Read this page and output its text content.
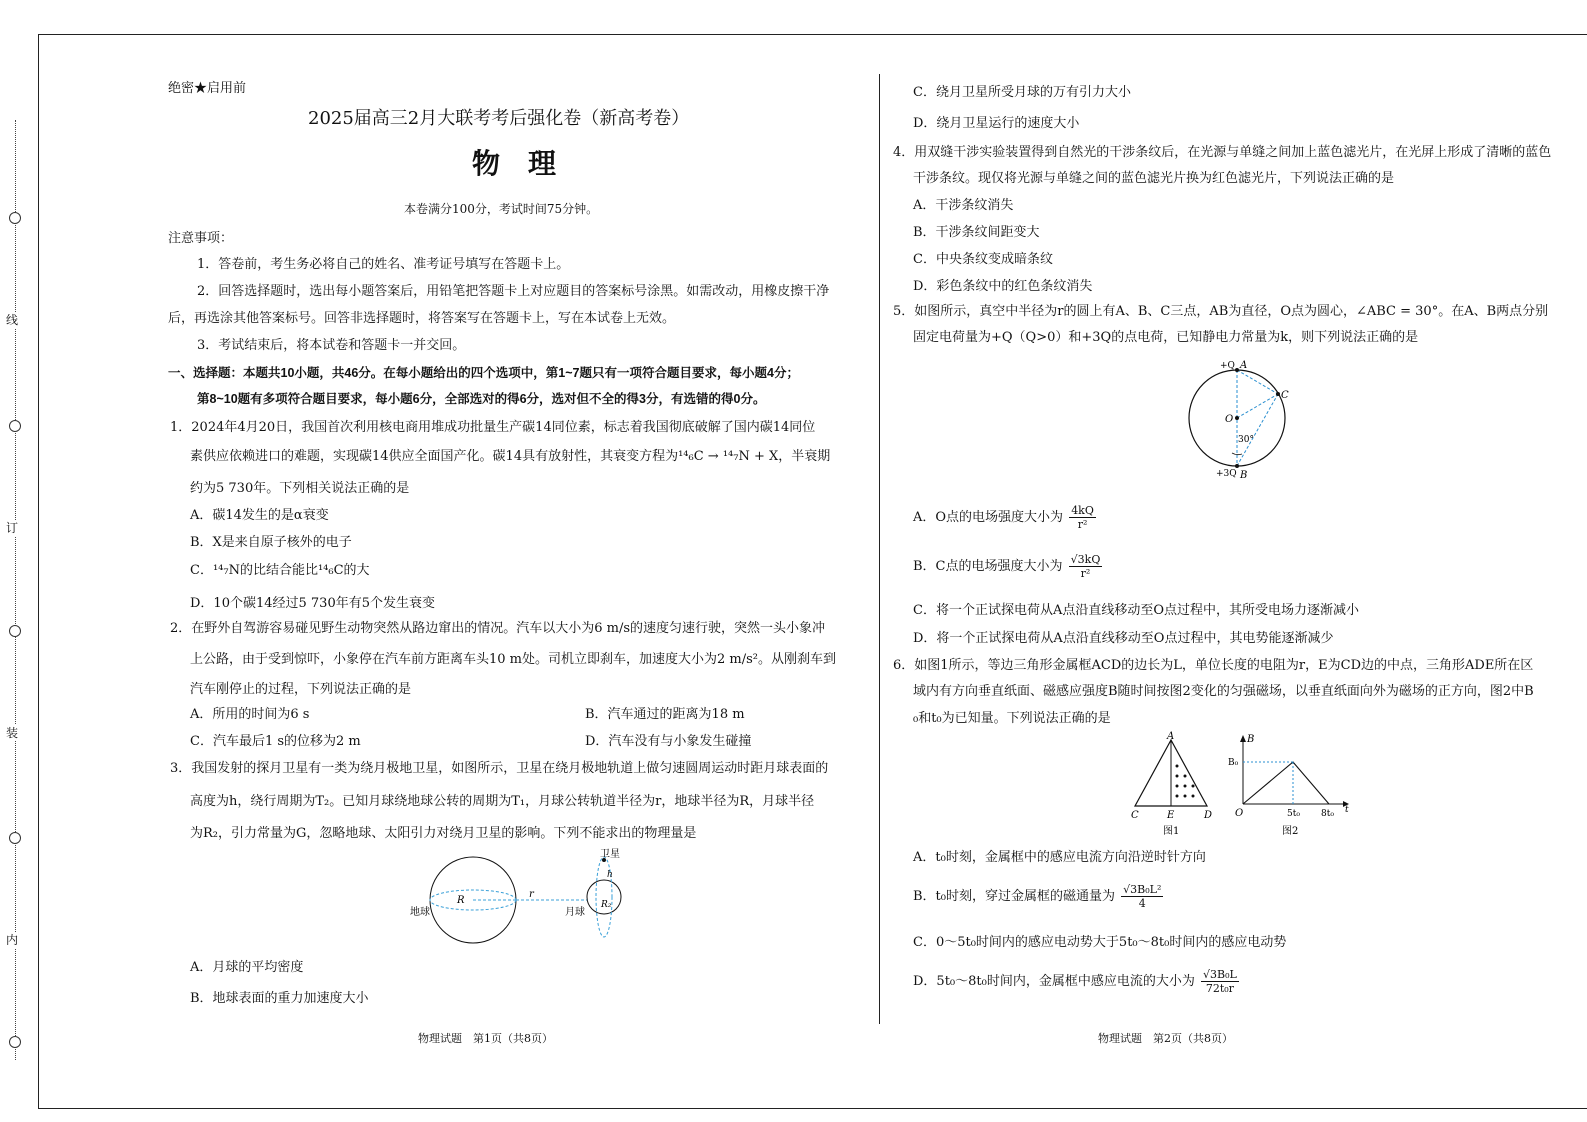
线
订
装
内
绝密★启用前
2025届高三2月大联考考后强化卷（新高考卷）
物　理
本卷满分100分，考试时间75分钟。
注意事项：
1．答卷前，考生务必将自己的姓名、准考证号填写在答题卡上。
2．回答选择题时，选出每小题答案后，用铅笔把答题卡上对应题目的答案标号涂黑。如需改动，用橡皮擦干净
后，再选涂其他答案标号。回答非选择题时，将答案写在答题卡上，写在本试卷上无效。
3．考试结束后，将本试卷和答题卡一并交回。
一、选择题：本题共10小题，共46分。在每小题给出的四个选项中，第1~7题只有一项符合题目要求，每小题4分；
第8~10题有多项符合题目要求，每小题6分，全部选对的得6分，选对但不全的得3分，有选错的得0分。
1．2024年4月20日，我国首次利用核电商用堆成功批量生产碳14同位素，标志着我国彻底破解了国内碳14同位
素供应依赖进口的难题，实现碳14供应全面国产化。碳14具有放射性，其衰变方程为¹⁴₆C → ¹⁴₇N + X，半衰期
约为5 730年。下列相关说法正确的是
A．碳14发生的是α衰变
B．X是来自原子核外的电子
C．¹⁴₇N的比结合能比¹⁴₆C的大
D．10个碳14经过5 730年有5个发生衰变
2．在野外自驾游容易碰见野生动物突然从路边窜出的情况。汽车以大小为6 m/s的速度匀速行驶，突然一头小象冲
上公路，由于受到惊吓，小象停在汽车前方距离车头10 m处。司机立即刹车，加速度大小为2 m/s²。从刚刹车到
汽车刚停止的过程，下列说法正确的是
A．所用的时间为6 s	B．汽车通过的距离为18 m
C．汽车最后1 s的位移为2 m	D．汽车没有与小象发生碰撞
3．我国发射的探月卫星有一类为绕月极地卫星，如图所示，卫星在绕月极地轨道上做匀速圆周运动时距月球表面的
高度为h，绕行周期为T₂。已知月球绕地球公转的周期为T₁，月球公转轨道半径为r，地球半径为R，月球半径
为R₂，引力常量为G，忽略地球、太阳引力对绕月卫星的影响。下列不能求出的物理量是
地球
R
r
月球
卫星
h
R₂
A．月球的平均密度
B．地球表面的重力加速度大小
物理试题　第1页（共8页）
C．绕月卫星所受月球的万有引力大小
D．绕月卫星运行的速度大小
4．用双缝干涉实验装置得到自然光的干涉条纹后，在光源与单缝之间加上蓝色滤光片，在光屏上形成了清晰的蓝色
干涉条纹。现仅将光源与单缝之间的蓝色滤光片换为红色滤光片，下列说法正确的是
A．干涉条纹消失
B．干涉条纹间距变大
C．中央条纹变成暗条纹
D．彩色条纹中的红色条纹消失
5．如图所示，真空中半径为r的圆上有A、B、C三点，AB为直径，O点为圆心，∠ABC = 30°。在A、B两点分别
固定电荷量为+Q（Q>0）和+3Q的点电荷，已知静电力常量为k，则下列说法正确的是
+Q A
C
O
30°
+3Q B
A．O点的电场强度大小为 $\frac{4kQ}{\text{r²}}$
B．C点的电场强度大小为 $\frac{√3kQ}{\text{r²}}$
C．将一个正试探电荷从A点沿直线移动至O点过程中，其所受电场力逐渐减小
D．将一个正试探电荷从A点沿直线移动至O点过程中，其电势能逐渐减少
6．如图1所示，等边三角形金属框ACD的边长为L，单位长度的电阻为r，E为CD边的中点，三角形ADE所在区
域内有方向垂直纸面、磁感应强度B随时间按图2变化的匀强磁场，以垂直纸面向外为磁场的正方向，图2中B
₀和t₀为已知量。下列说法正确的是
A
C	E	D
图1
B
B₀
O	5t₀ 8t₀ t
图2
A．t₀时刻，金属框中的感应电流方向沿逆时针方向
B．t₀时刻，穿过金属框的磁通量为 $\frac{\text{√3B₀L²}}{4}$
C．0～5t₀时间内的感应电动势大于5t₀～8t₀时间内的感应电动势
D．5t₀～8t₀时间内，金属框中感应电流的大小为 $\frac{\text{√3B₀L}}{\text{72t₀r}}$
物理试题　第2页（共8页）
